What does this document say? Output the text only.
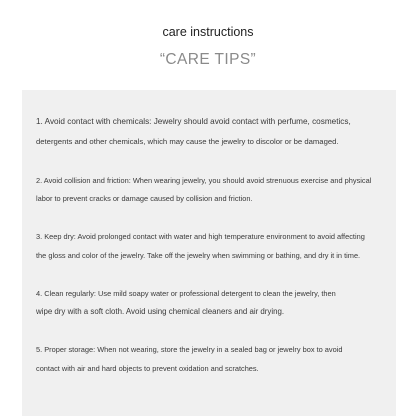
care instructions
“CARE TIPS”
1. Avoid contact with chemicals: Jewelry should avoid contact with perfume, cosmetics,
detergents and other chemicals, which may cause the jewelry to discolor or be damaged.
2. Avoid collision and friction: When wearing jewelry, you should avoid strenuous exercise and physical
labor to prevent cracks or damage caused by collision and friction.
3. Keep dry: Avoid prolonged contact with water and high temperature environment to avoid affecting
the gloss and color of the jewelry. Take off the jewelry when swimming or bathing, and dry it in time.
4. Clean regularly: Use mild soapy water or professional detergent to clean the jewelry, then
wipe dry with a soft cloth. Avoid using chemical cleaners and air drying.
5. Proper storage: When not wearing, store the jewelry in a sealed bag or jewelry box to avoid
contact with air and hard objects to prevent oxidation and scratches.
